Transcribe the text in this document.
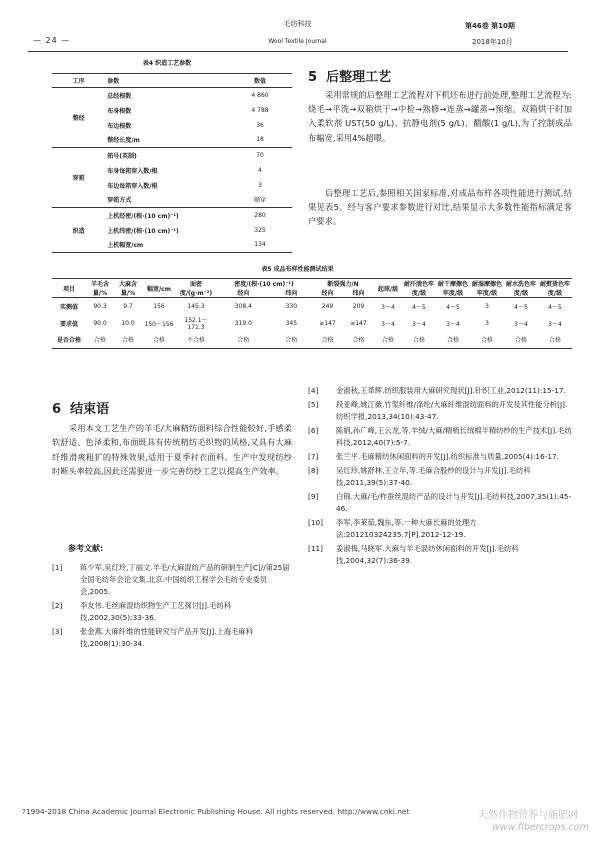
毛纺科技
Wool Textile Journal
— 24 —
第46卷 第10期
2018年10月
表4 织造工艺参数
工序	参数	数值
整经	总经根数	4 860
	布身根数	4 788
	布边根数	36
	整经长度/m	18
穿筘	筘号(英制)	70
	布身每筘穿入数/根	4
	布边每筘穿入数/根	3
	穿筘方式	顺穿
织造	上机经密/(根·(10 cm)⁻¹)	280
	上机纬密/(根·(10 cm)⁻¹)	325
	上机幅宽/cm	134
5 后整理工艺
采用常规的后整理工艺流程对下机坯布进行前处理,整理工艺流程为:烧毛→平洗→双箱烘干→中检→熟修→连蒸→罐蒸→预缩。双箱烘干时加入柔软剂 UST(50 g/L)、抗静电剂(5 g/L)、醋酸(1 g/L),为了控制成品布幅宽,采用4%超喂。
后整理工艺后,参照相关国家标准,对成品布样各项性能进行测试,结果见表5。经与客户要求参数进行对比,结果显示大多数性能指标满足客户要求。
表5 成品布样性能测试结果
项目	羊毛含量/%	大麻含量/%	幅宽/cm	面密度/(g·m⁻²)	密度/(根·(10 cm)⁻¹)		断裂强力/N		起球/级	耐汗渍色牢度/级	耐干摩擦色牢度/级	耐湿摩擦色牢度/级	耐水洗色牢度/级	耐熨烫色牢度/级
					经向	纬向	经向	纬向						
实测值	90.3	9.7	156	145.3	308.4	330	249	209	3～4	4～5	4～5	3	4～5	4～5
要求值	90.0	10.0	150～156	152.1～171.3	319.0	345	≥147	≥147	3～4	3～4	3～4	3	3～4	3～4
是否合格	合格	合格	合格	不合格	合格	合格	合格	合格	合格	合格	合格	合格	合格	合格
6 结束语
采用本文工艺生产的羊毛/大麻精纺面料综合性能较好,手感柔软舒适、色泽柔和,布面既具有传统精纺毛织物的风格,又具有大麻纤维滑爽粗犷的特殊效果,适用于夏季衬衣面料。生产中发现纺纱时断头率较高,因此还需要进一步完善纺纱工艺以提高生产效率。
参考文献:
[1] 蒋少军,吴红玲,丁丽文.羊毛/大麻混纺产品的研制生产[C]//第25届全国毛纺年会论文集.北京:中国纺织工程学会毛纺专业委员会,2005.
[2] 李友伟.毛丝麻混纺织物生产工艺探讨[J].毛纺科技,2002,30(5):33-36.
[3] 张金燕.大麻纤维的性能研究与产品开发[J].上海毛麻科技,2008(1):30-34.
[4] 金淑秋,王革辉.纺织服装用大麻研究现状[J].针织工业,2012(11):15-17.
[5] 段亚峰,姚江薇.竹浆纤维/涤纶/大麻纤维混纺面料的开发及其性能分析[J].纺织学报,2013,34(10):43-47.
[6] 陈娟,孙广峰,王云龙,等.羊绒/大麻/精梳长绒棉半精纺纱的生产技术[J].毛纺科技,2012,40(7):5-7.
[7] 张兰平.毛麻精纺休闲面料的开发[J].纺织标准与质量,2005(4):16-17.
[8] 吴红玲,姚舒林,王立年,等.毛麻合股纱的设计与开发[J].毛纺科技,2011,39(5):37-40.
[9] 白锦.大麻/毛/柞蚕丝混纺产品的设计与开发[J].毛纺科技,2007,35(1):45-46.
[10] 李军,李莱茹,魏东,等.一种大麻长麻的处理方法:201210324235.7[P].2012-12-19.
[11] 姜淑梅,马晓军.大麻与羊毛混纺休闲面料的开发[J].毛纺科技,2004,32(7):36-39.
?1994-2018 China Academic Journal Electronic Publishing House. All rights reserved. http://www.cnki.net	天然作物营养与施肥网
www.fibercrops.com
